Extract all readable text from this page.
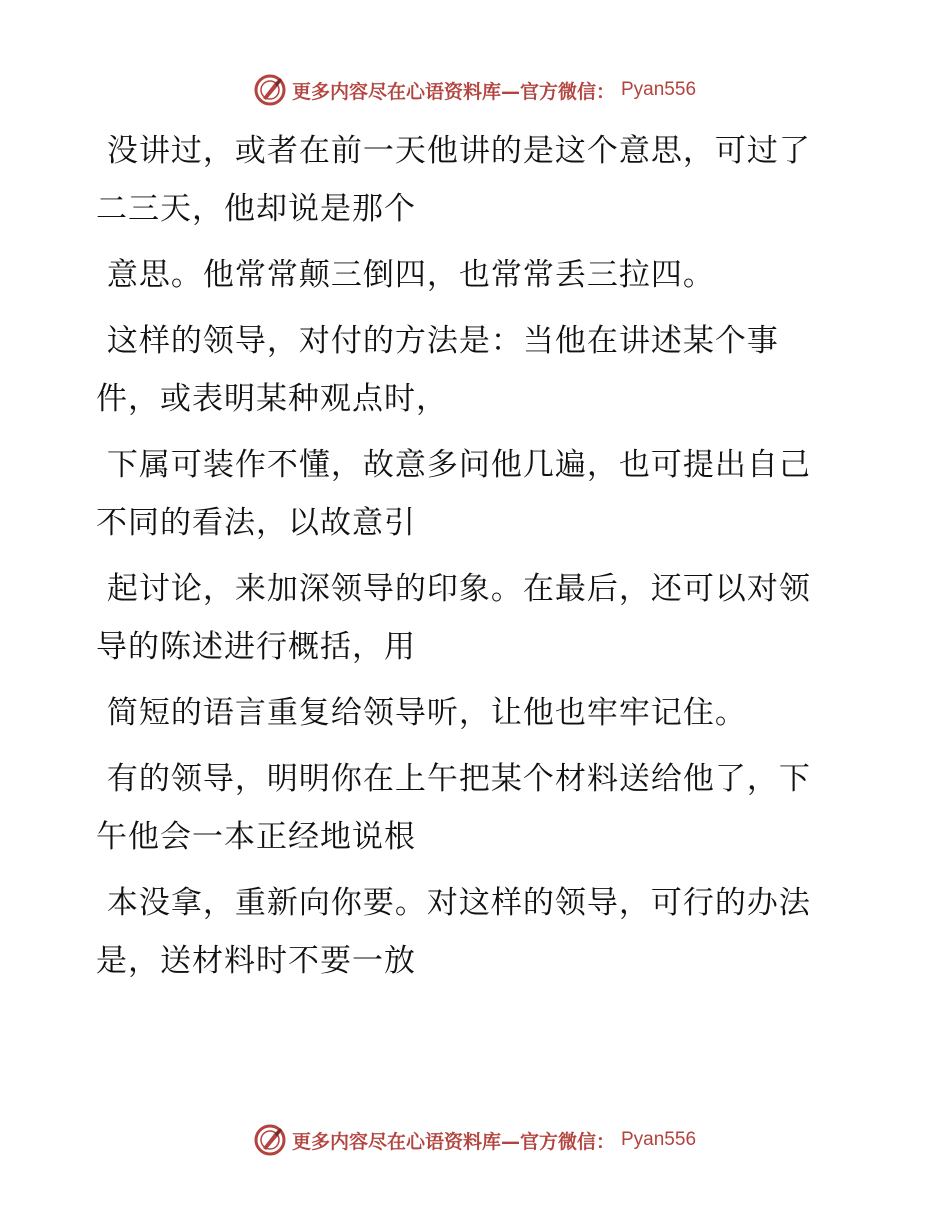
更多内容尽在心语资料库—官方微信： Pyan556

没讲过，或者在前一天他讲的是这个意思，可过了二三天，他却说是那个

意思。他常常颠三倒四，也常常丢三拉四。

这样的领导，对付的方法是：当他在讲述某个事件，或表明某种观点时，

下属可装作不懂，故意多问他几遍，也可提出自己不同的看法，以故意引

起讨论，来加深领导的印象。在最后，还可以对领导的陈述进行概括，用

简短的语言重复给领导听，让他也牢牢记住。

有的领导，明明你在上午把某个材料送给他了，下午他会一本正经地说根

本没拿，重新向你要。对这样的领导，可行的办法是，送材料时不要一放

更多内容尽在心语资料库—官方微信： Pyan556
